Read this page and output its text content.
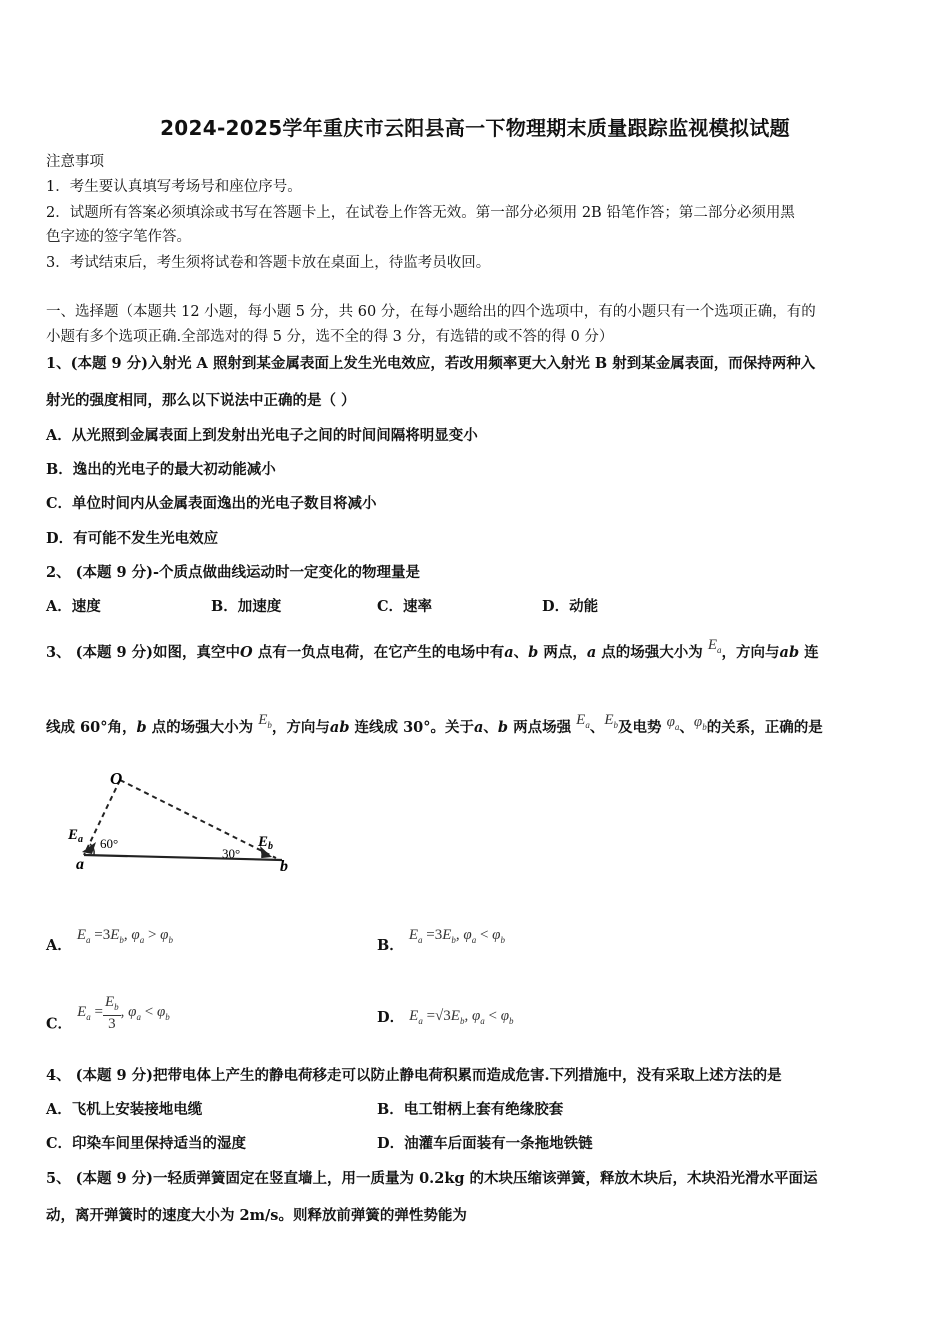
2024-2025学年重庆市云阳县高一下物理期末质量跟踪监视模拟试题
注意事项
1．考生要认真填写考场号和座位序号。
2．试题所有答案必须填涂或书写在答题卡上，在试卷上作答无效。第一部分必须用 2B 铅笔作答；第二部分必须用黑
色字迹的签字笔作答。
3．考试结束后，考生须将试卷和答题卡放在桌面上，待监考员收回。
一、选择题（本题共 12 小题，每小题 5 分，共 60 分，在每小题给出的四个选项中，有的小题只有一个选项正确，有的
小题有多个选项正确.全部选对的得 5 分，选不全的得 3 分，有选错的或不答的得 0 分）
1、(本题 9 分)入射光 A 照射到某金属表面上发生光电效应，若改用频率更大入射光 B 射到某金属表面，而保持两种入
射光的强度相同，那么以下说法中正确的是（ ）
A．从光照到金属表面上到发射出光电子之间的时间间隔将明显变小
B．逸出的光电子的最大初动能减小
C．单位时间内从金属表面逸出的光电子数目将减小
D．有可能不发生光电效应
2、 (本题 9 分)-个质点做曲线运动时一定变化的物理量是
A．速度	B．加速度	C．速率	D．动能
3、 (本题 9 分)如图，真空中O 点有一负点电荷，在它产生的电场中有a、b 两点，a 点的场强大小为 $E_a$，方向与ab 连
线成 60°角，b 点的场强大小为 $E_b$，方向与ab 连线成 30°。关于a、b 两点场强 $E_a$、$E_b$及电势 $\varphi_a$、$\varphi_b$的关系，正确的是
O
$E_a$ 60°
30°
$E_b$
a	b
A． $E_a =3E_b$, $\varphi_a > \varphi_b$	B． $E_a =3E_b$, $\varphi_a < \varphi_b$
C． $E_a = \frac{E_b}{3}$ , $\varphi_a < \varphi_b$	D． $E_a =√3E_b$, $\varphi_a < \varphi_b$
4、 (本题 9 分)把带电体上产生的静电荷移走可以防止静电荷积累而造成危害.下列措施中，没有采取上述方法的是
A．飞机上安装接地电缆	B．电工钳柄上套有绝缘胶套
C．印染车间里保持适当的湿度	D．油灌车后面装有一条拖地铁链
5、 (本题 9 分)一轻质弹簧固定在竖直墙上，用一质量为 0.2kg 的木块压缩该弹簧，释放木块后，木块沿光滑水平面运
动，离开弹簧时的速度大小为 2m/s。则释放前弹簧的弹性势能为
